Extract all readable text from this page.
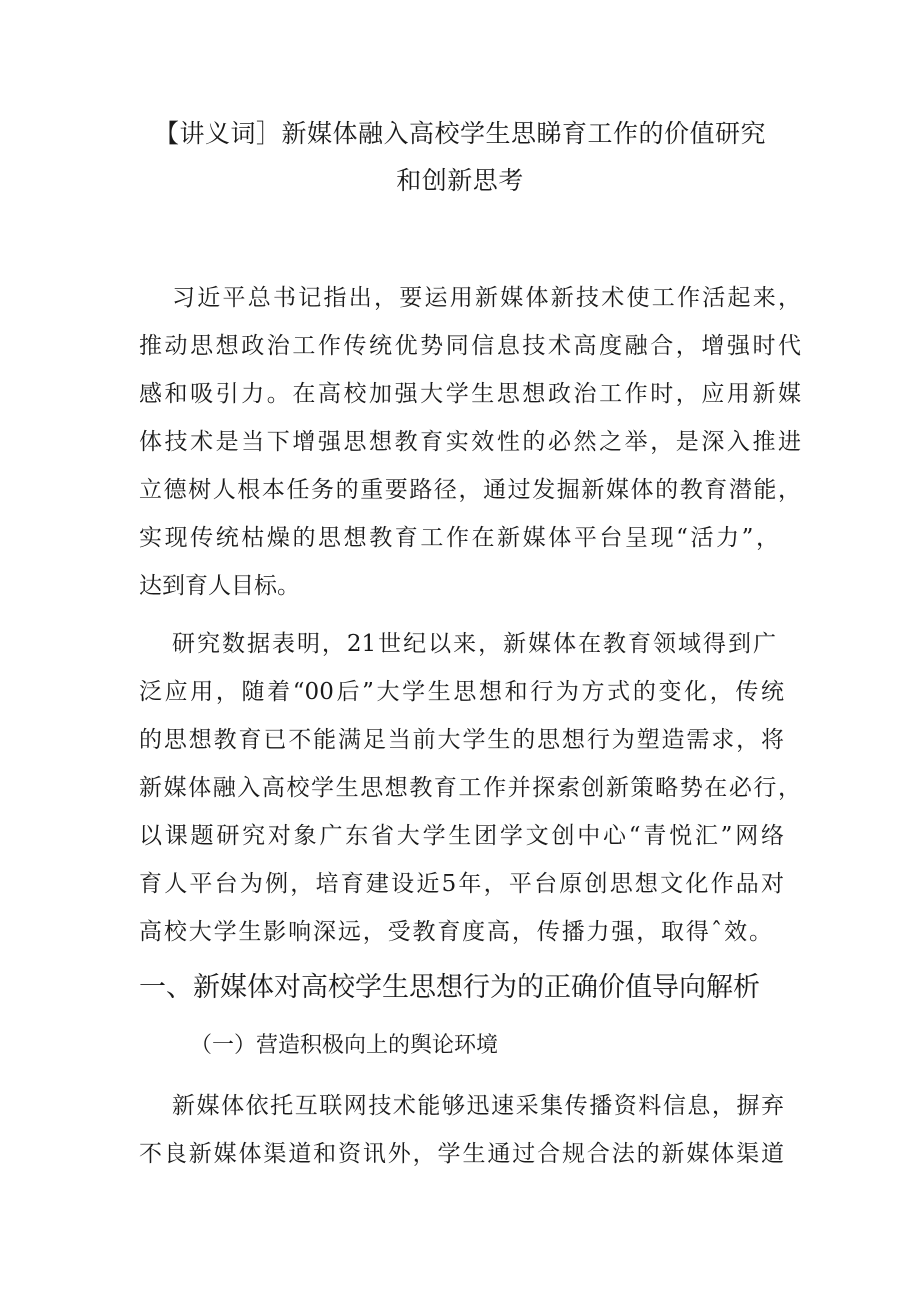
【讲义词］新媒体融入高校学生思睇育工作的价值研究
和创新思考

习近平总书记指出，要运用新媒体新技术使工作活起来，

推动思想政治工作传统优势同信息技术高度融合，增强时代

感和吸引力。在高校加强大学生思想政治工作时，应用新媒

体技术是当下增强思想教育实效性的必然之举，是深入推进

立德树人根本任务的重要路径，通过发掘新媒体的教育潜能，

实现传统枯燥的思想教育工作在新媒体平台呈现“活力”，

达到育人目标。

研究数据表明，21世纪以来，新媒体在教育领域得到广

泛应用，随着“00后”大学生思想和行为方式的变化，传统

的思想教育已不能满足当前大学生的思想行为塑造需求，将

新媒体融入高校学生思想教育工作并探索创新策略势在必行，

以课题研究对象广东省大学生团学文创中心“青悦汇”网络

育人平台为例，培育建设近5年，平台原创思想文化作品对

高校大学生影响深远，受教育度高，传播力强，取得ˆ效。

一、新媒体对高校学生思想行为的正确价值导向解析
（一）营造积极向上的舆论环境

新媒体依托互联网技术能够迅速采集传播资料信息，摒弃

不良新媒体渠道和资讯外，学生通过合规合法的新媒体渠道
